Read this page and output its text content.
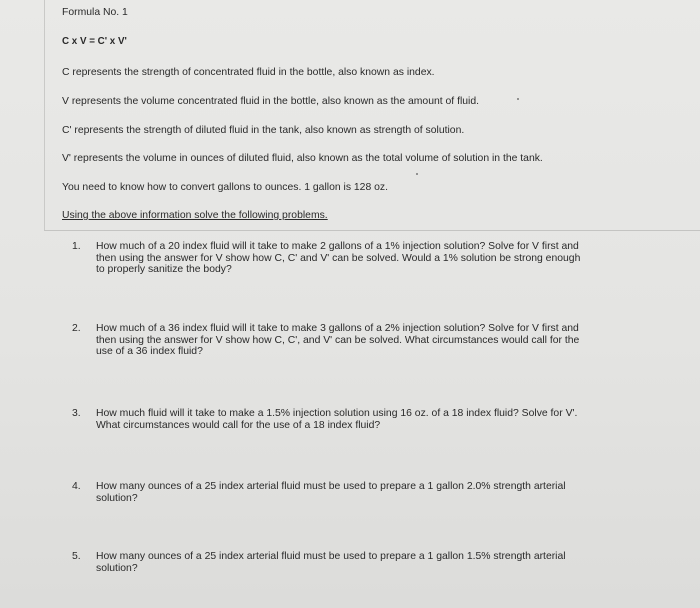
Formula No. 1
C x V = C' x V'
C represents the strength of concentrated fluid in the bottle, also known as index.
V represents the volume concentrated fluid in the bottle, also known as the amount of fluid.
C' represents the strength of diluted fluid in the tank, also known as strength of solution.
V' represents the volume in ounces of diluted fluid, also known as the total volume of solution in the tank.
You need to know how to convert gallons to ounces. 1 gallon is 128 oz.
Using the above information solve the following problems.
1.	How much of a 20 index fluid will it take to make 2 gallons of a 1% injection solution? Solve for V first and
then using the answer for V show how C, C' and V' can be solved. Would a 1% solution be strong enough
to properly sanitize the body?
2.	How much of a 36 index fluid will it take to make 3 gallons of a 2% injection solution? Solve for V first and
then using the answer for V show how C, C', and V' can be solved. What circumstances would call for the
use of a 36 index fluid?
3.	How much fluid will it take to make a 1.5% injection solution using 16 oz. of a 18 index fluid? Solve for V'.
What circumstances would call for the use of a 18 index fluid?
4.	How many ounces of a 25 index arterial fluid must be used to prepare a 1 gallon 2.0% strength arterial
solution?
5.	How many ounces of a 25 index arterial fluid must be used to prepare a 1 gallon 1.5% strength arterial
solution?
